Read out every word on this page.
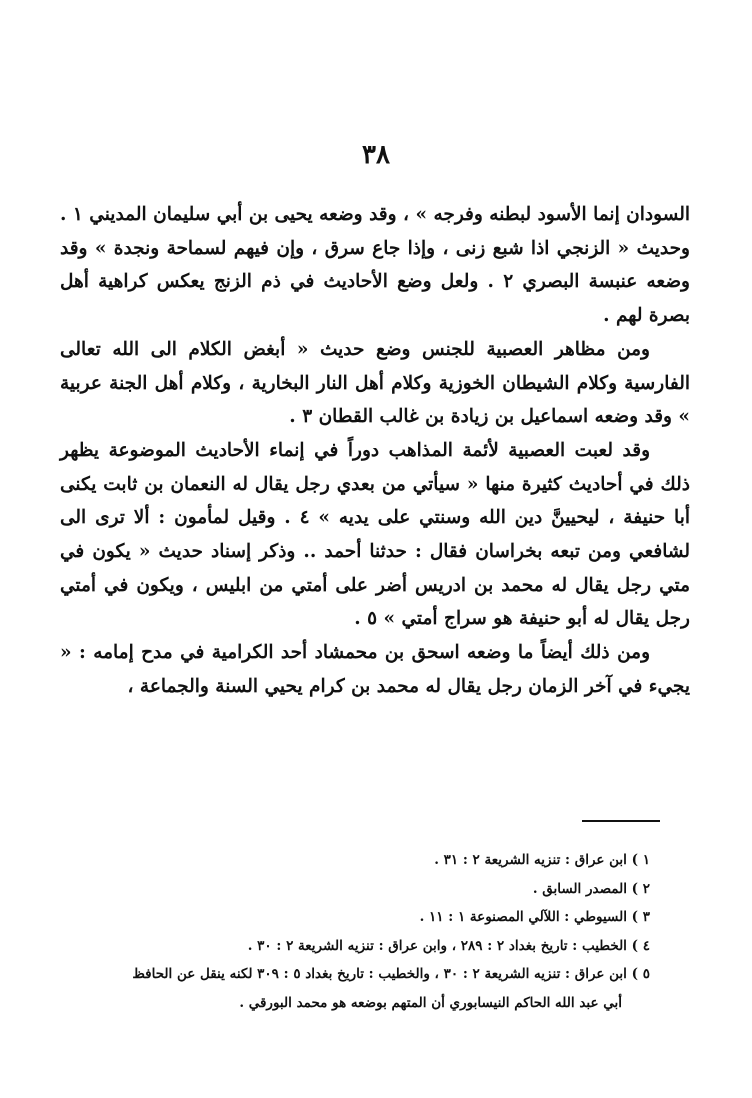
٣٨

السودان إنما الأسود لبطنه وفرجه » ، وقد وضعه يحيى بن أبي سليمان المديني ١ . وحديث « الزنجي اذا شبع زنى ، وإذا جاع سرق ، وإن فيهم لسماحة ونجدة » وقد وضعه عنبسة البصري ٢ . ولعل وضع الأحاديث في ذم الزنج يعكس كراهية أهل بصرة لهم .

ومن مظاهر العصبية للجنس وضع حديث « أبغض الكلام الى الله تعالى الفارسية وكلام الشيطان الخوزية وكلام أهل النار البخارية ، وكلام أهل الجنة عربية » وقد وضعه اسماعيل بن زيادة بن غالب القطان ٣ .

وقد لعبت العصبية لأئمة المذاهب دوراً في إنماء الأحاديث الموضوعة يظهر ذلك في أحاديث كثيرة منها « سيأتي من بعدي رجل يقال له النعمان بن ثابت يكنى أبا حنيفة ، ليحيينَّ دين الله وسنتي على يديه » ٤ . وقيل لمأمون : ألا ترى الى لشافعي ومن تبعه بخراسان فقال : حدثنا أحمد .. وذكر إسناد حديث « يكون في متي رجل يقال له محمد بن ادريس أضر على أمتي من ابليس ، ويكون في أمتي رجل يقال له أبو حنيفة هو سراج أمتي » ٥ .

ومن ذلك أيضاً ما وضعه اسحق بن محمشاد أحد الكرامية في مدح إمامه : « يجيء في آخر الزمان رجل يقال له محمد بن كرام يحيي السنة والجماعة ،

١ ) ابن عراق : تنزيه الشريعة ٢ : ٣١ .

٢ ) المصدر السابق .

٣ ) السيوطي : اللآلي المصنوعة ١ : ١١ .

٤ ) الخطيب : تاريخ بغداد ٢ : ٢٨٩ ، وابن عراق : تنزيه الشريعة ٢ : ٣٠ .

٥ ) ابن عراق : تنزيه الشريعة ٢ : ٣٠ ، والخطيب : تاريخ بغداد ٥ : ٣٠٩ لكنه ينقل عن الحافظ

أبي عبد الله الحاكم النيسابوري أن المتهم بوضعه هو محمد البورقي .
